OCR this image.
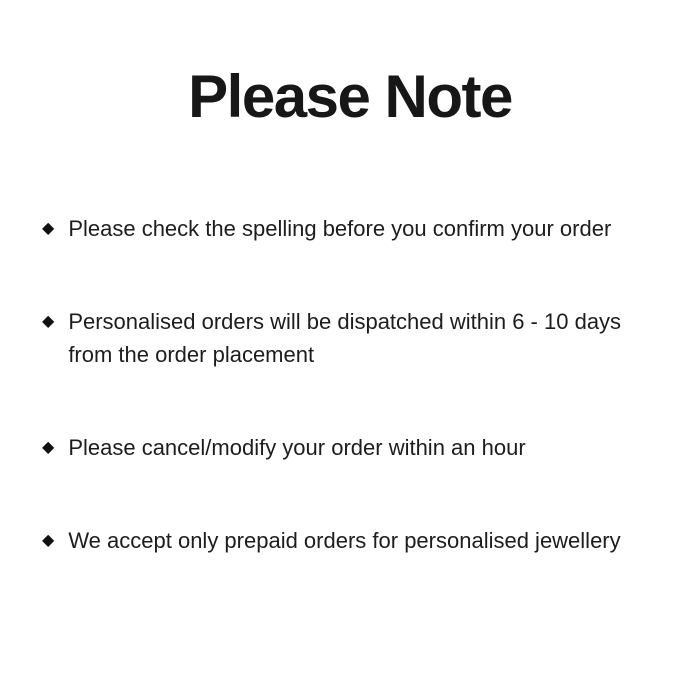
Please Note
◆ Please check the spelling before you confirm your order
◆ Personalised orders will be dispatched within 6 - 10 days
from the order placement
◆ Please cancel/modify your order within an hour
◆ We accept only prepaid orders for personalised jewellery
